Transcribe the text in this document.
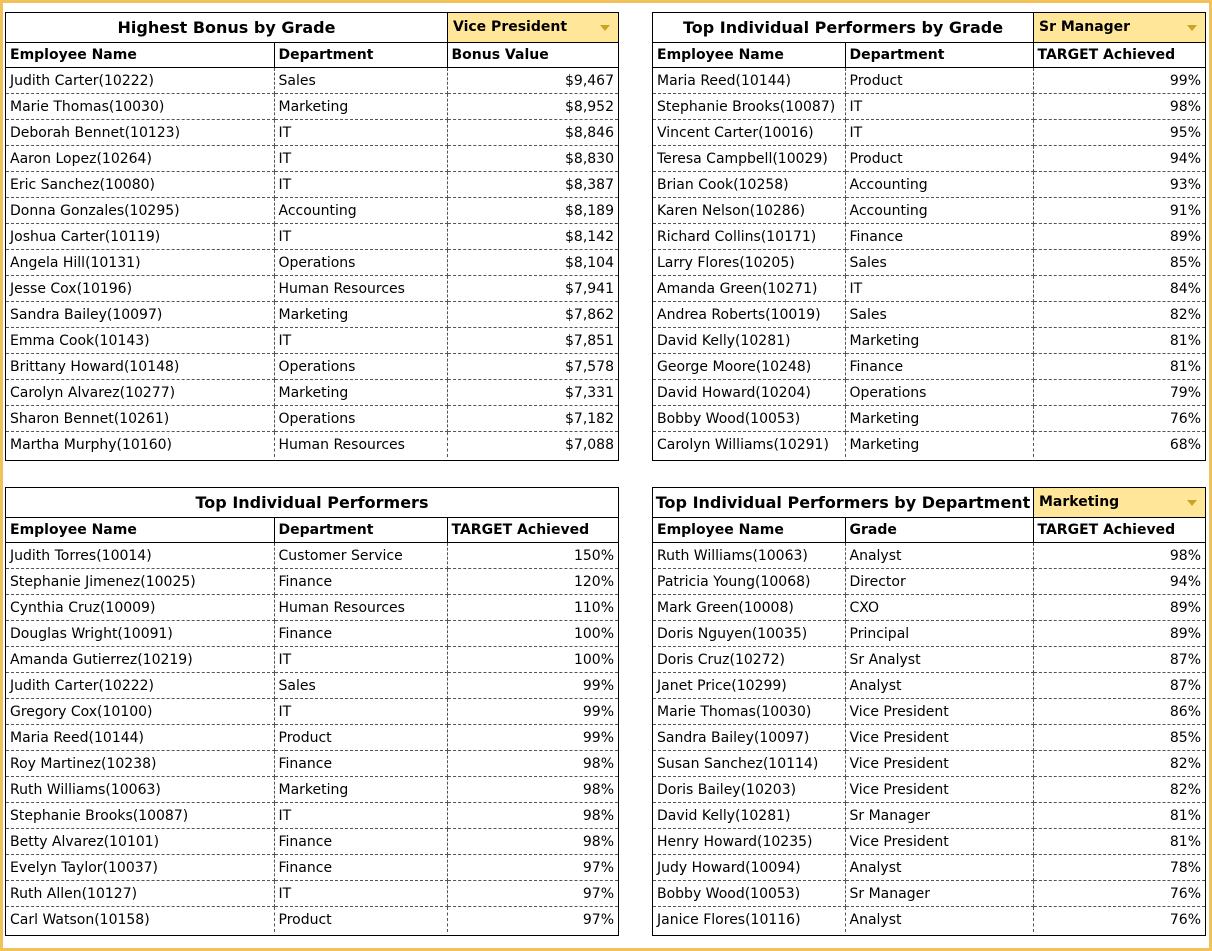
Highest Bonus by Grade	Vice President
Employee Name	Department	Bonus Value
Judith Carter(10222)	Sales	$9,467
Marie Thomas(10030)	Marketing	$8,952
Deborah Bennet(10123)	IT	$8,846
Aaron Lopez(10264)	IT	$8,830
Eric Sanchez(10080)	IT	$8,387
Donna Gonzales(10295)	Accounting	$8,189
Joshua Carter(10119)	IT	$8,142
Angela Hill(10131)	Operations	$8,104
Jesse Cox(10196)	Human Resources	$7,941
Sandra Bailey(10097)	Marketing	$7,862
Emma Cook(10143)	IT	$7,851
Brittany Howard(10148)	Operations	$7,578
Carolyn Alvarez(10277)	Marketing	$7,331
Sharon Bennet(10261)	Operations	$7,182
Martha Murphy(10160)	Human Resources	$7,088
Top Individual Performers by Grade	Sr Manager
Employee Name	Department	TARGET Achieved
Maria Reed(10144)	Product	99%
Stephanie Brooks(10087)	IT	98%
Vincent Carter(10016)	IT	95%
Teresa Campbell(10029)	Product	94%
Brian Cook(10258)	Accounting	93%
Karen Nelson(10286)	Accounting	91%
Richard Collins(10171)	Finance	89%
Larry Flores(10205)	Sales	85%
Amanda Green(10271)	IT	84%
Andrea Roberts(10019)	Sales	82%
David Kelly(10281)	Marketing	81%
George Moore(10248)	Finance	81%
David Howard(10204)	Operations	79%
Bobby Wood(10053)	Marketing	76%
Carolyn Williams(10291)	Marketing	68%
Top Individual Performers
Employee Name	Department	TARGET Achieved
Judith Torres(10014)	Customer Service	150%
Stephanie Jimenez(10025)	Finance	120%
Cynthia Cruz(10009)	Human Resources	110%
Douglas Wright(10091)	Finance	100%
Amanda Gutierrez(10219)	IT	100%
Judith Carter(10222)	Sales	99%
Gregory Cox(10100)	IT	99%
Maria Reed(10144)	Product	99%
Roy Martinez(10238)	Finance	98%
Ruth Williams(10063)	Marketing	98%
Stephanie Brooks(10087)	IT	98%
Betty Alvarez(10101)	Finance	98%
Evelyn Taylor(10037)	Finance	97%
Ruth Allen(10127)	IT	97%
Carl Watson(10158)	Product	97%
Top Individual Performers by Department Marketing
Employee Name	Grade	TARGET Achieved
Ruth Williams(10063)	Analyst	98%
Patricia Young(10068)	Director	94%
Mark Green(10008)	CXO	89%
Doris Nguyen(10035)	Principal	89%
Doris Cruz(10272)	Sr Analyst	87%
Janet Price(10299)	Analyst	87%
Marie Thomas(10030)	Vice President	86%
Sandra Bailey(10097)	Vice President	85%
Susan Sanchez(10114)	Vice President	82%
Doris Bailey(10203)	Vice President	82%
David Kelly(10281)	Sr Manager	81%
Henry Howard(10235)	Vice President	81%
Judy Howard(10094)	Analyst	78%
Bobby Wood(10053)	Sr Manager	76%
Janice Flores(10116)	Analyst	76%
